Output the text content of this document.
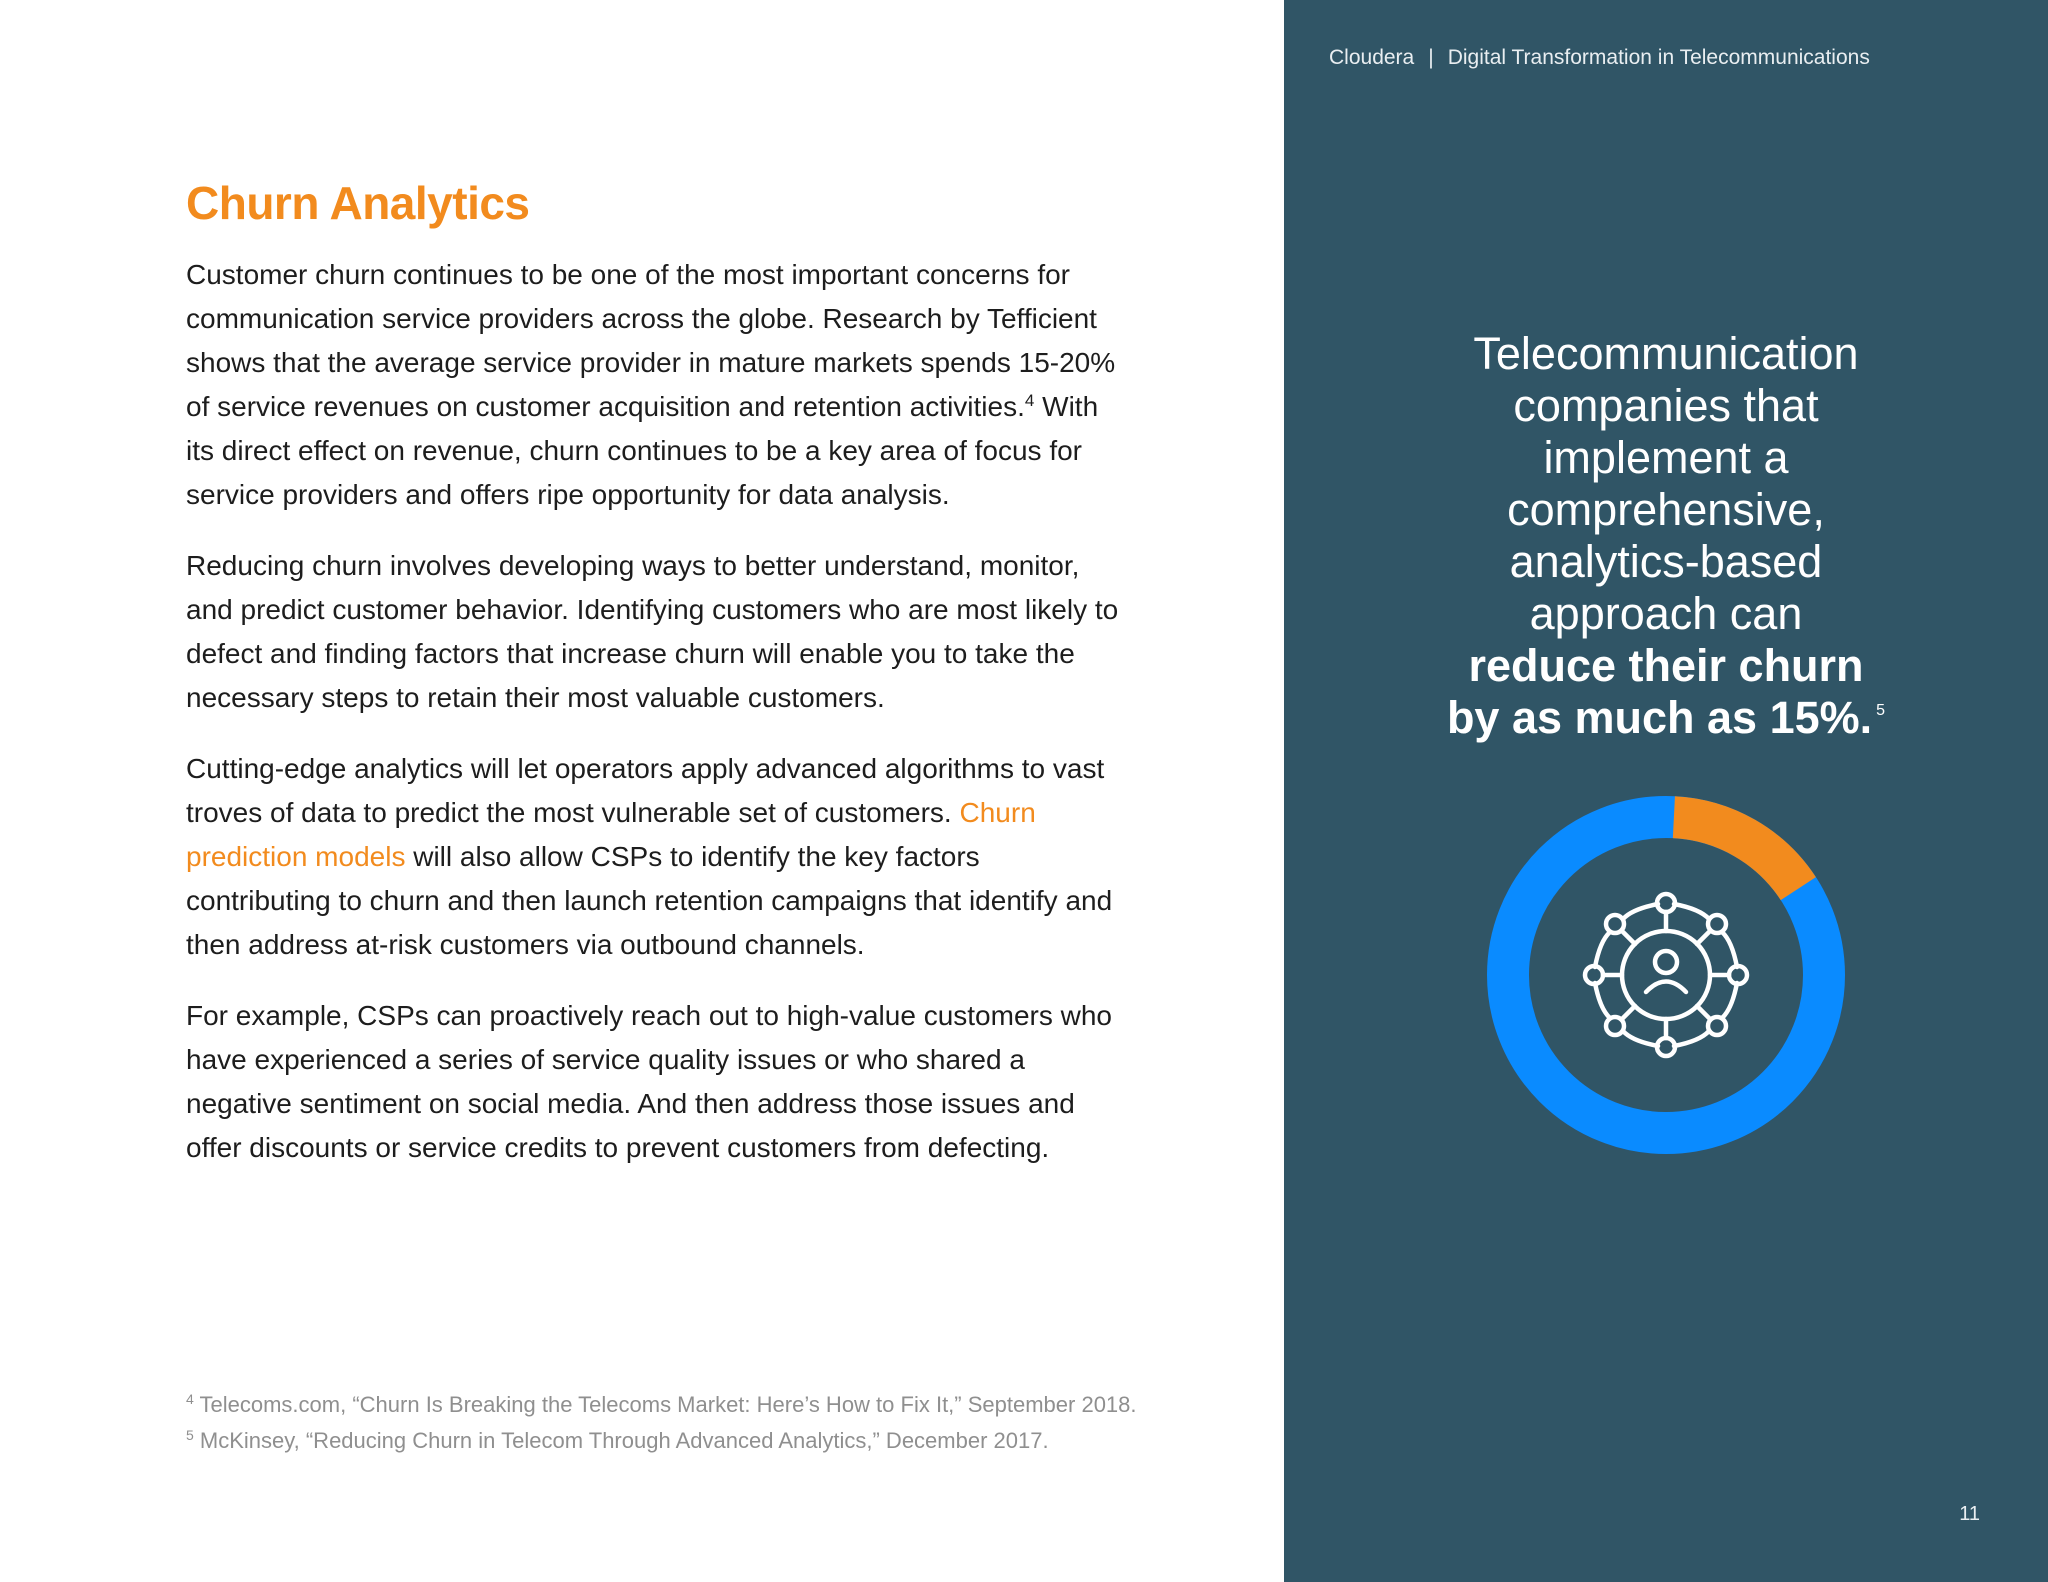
Churn Analytics

Customer churn continues to be one of the most important concerns for communication service providers across the globe. Research by Tefficient shows that the average service provider in mature markets spends 15-20% of service revenues on customer acquisition and retention activities.$^4$ With its direct effect on revenue, churn continues to be a key area of focus for service providers and offers ripe opportunity for data analysis.

Reducing churn involves developing ways to better understand, monitor, and predict customer behavior. Identifying customers who are most likely to defect and finding factors that increase churn will enable you to take the necessary steps to retain their most valuable customers.

Cutting-edge analytics will let operators apply advanced algorithms to vast troves of data to predict the most vulnerable set of customers. Churn prediction models will also allow CSPs to identify the key factors contributing to churn and then launch retention campaigns that identify and then address at-risk customers via outbound channels.

For example, CSPs can proactively reach out to high-value customers who have experienced a series of service quality issues or who shared a negative sentiment on social media. And then address those issues and offer discounts or service credits to prevent customers from defecting.

$^4$ Telecoms.com, “Churn Is Breaking the Telecoms Market: Here’s How to Fix It,” September 2018.
$^5$ McKinsey, “Reducing Churn in Telecom Through Advanced Analytics,” December 2017.
Cloudera | Digital Transformation in Telecommunications
Telecommunication
companies that
implement a
comprehensive,
analytics-based
approach can
reduce their churn
by as much as 15%. $^5$
11
